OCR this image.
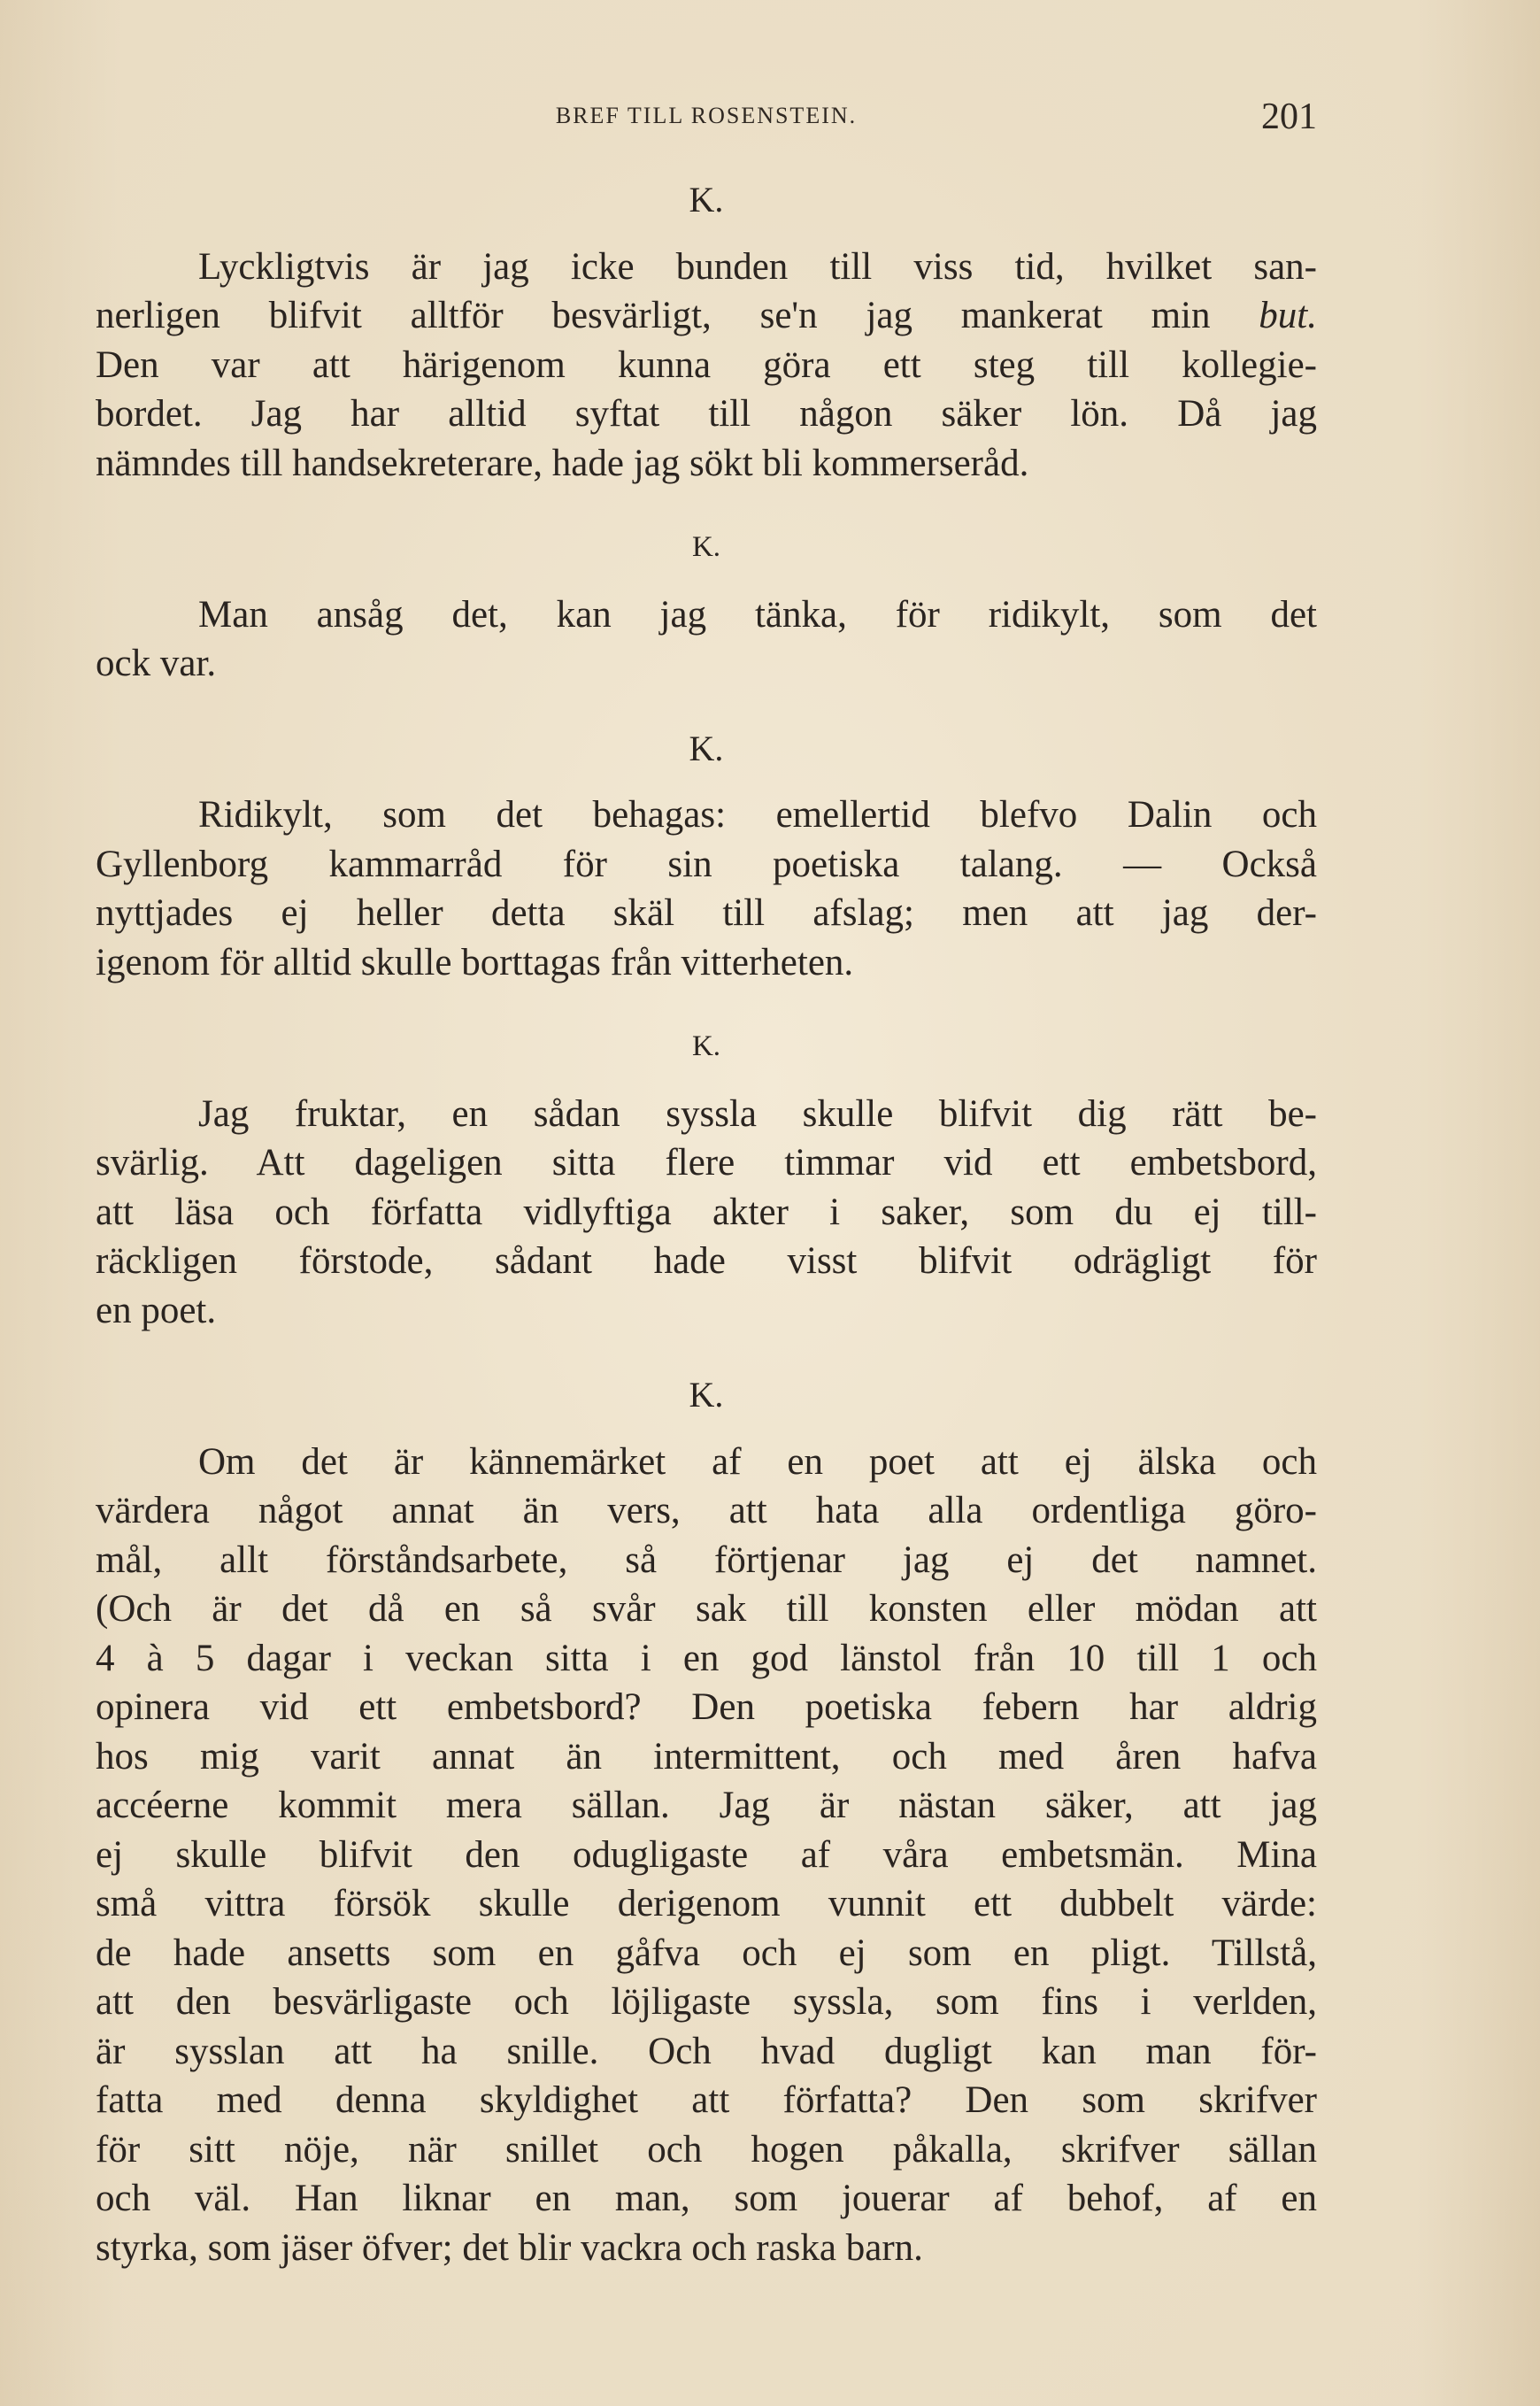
BREF TILL ROSENSTEIN.	201
K.
Lyckligtvis är jag icke bunden till viss tid, hvilket san-
nerligen blifvit alltför besvärligt, se'n jag mankerat min but.
Den var att härigenom kunna göra ett steg till kollegie-
bordet. Jag har alltid syftat till någon säker lön. Då jag
nämndes till handsekreterare, hade jag sökt bli kommerseråd.
K.
Man ansåg det, kan jag tänka, för ridikylt, som det
ock var.
K.
Ridikylt, som det behagas: emellertid blefvo Dalin och
Gyllenborg kammarråd för sin poetiska talang. — Också
nyttjades ej heller detta skäl till afslag; men att jag der-
igenom för alltid skulle borttagas från vitterheten.
K.
Jag fruktar, en sådan syssla skulle blifvit dig rätt be-
svärlig. Att dageligen sitta flere timmar vid ett embetsbord,
att läsa och författa vidlyftiga akter i saker, som du ej till-
räckligen förstode, sådant hade visst blifvit odrägligt för
en poet.
K.
Om det är kännemärket af en poet att ej älska och
värdera något annat än vers, att hata alla ordentliga göro-
mål, allt förståndsarbete, så förtjenar jag ej det namnet.
(Och är det då en så svår sak till konsten eller mödan att
4 à 5 dagar i veckan sitta i en god länstol från 10 till 1 och
opinera vid ett embetsbord? Den poetiska febern har aldrig
hos mig varit annat än intermittent, och med åren hafva
accéerne kommit mera sällan. Jag är nästan säker, att jag
ej skulle blifvit den odugligaste af våra embetsmän. Mina
små vittra försök skulle derigenom vunnit ett dubbelt värde:
de hade ansetts som en gåfva och ej som en pligt. Tillstå,
att den besvärligaste och löjligaste syssla, som fins i verlden,
är sysslan att ha snille. Och hvad dugligt kan man för-
fatta med denna skyldighet att författa? Den som skrifver
för sitt nöje, när snillet och hogen påkalla, skrifver sällan
och väl. Han liknar en man, som jouerar af behof, af en
styrka, som jäser öfver; det blir vackra och raska barn.
